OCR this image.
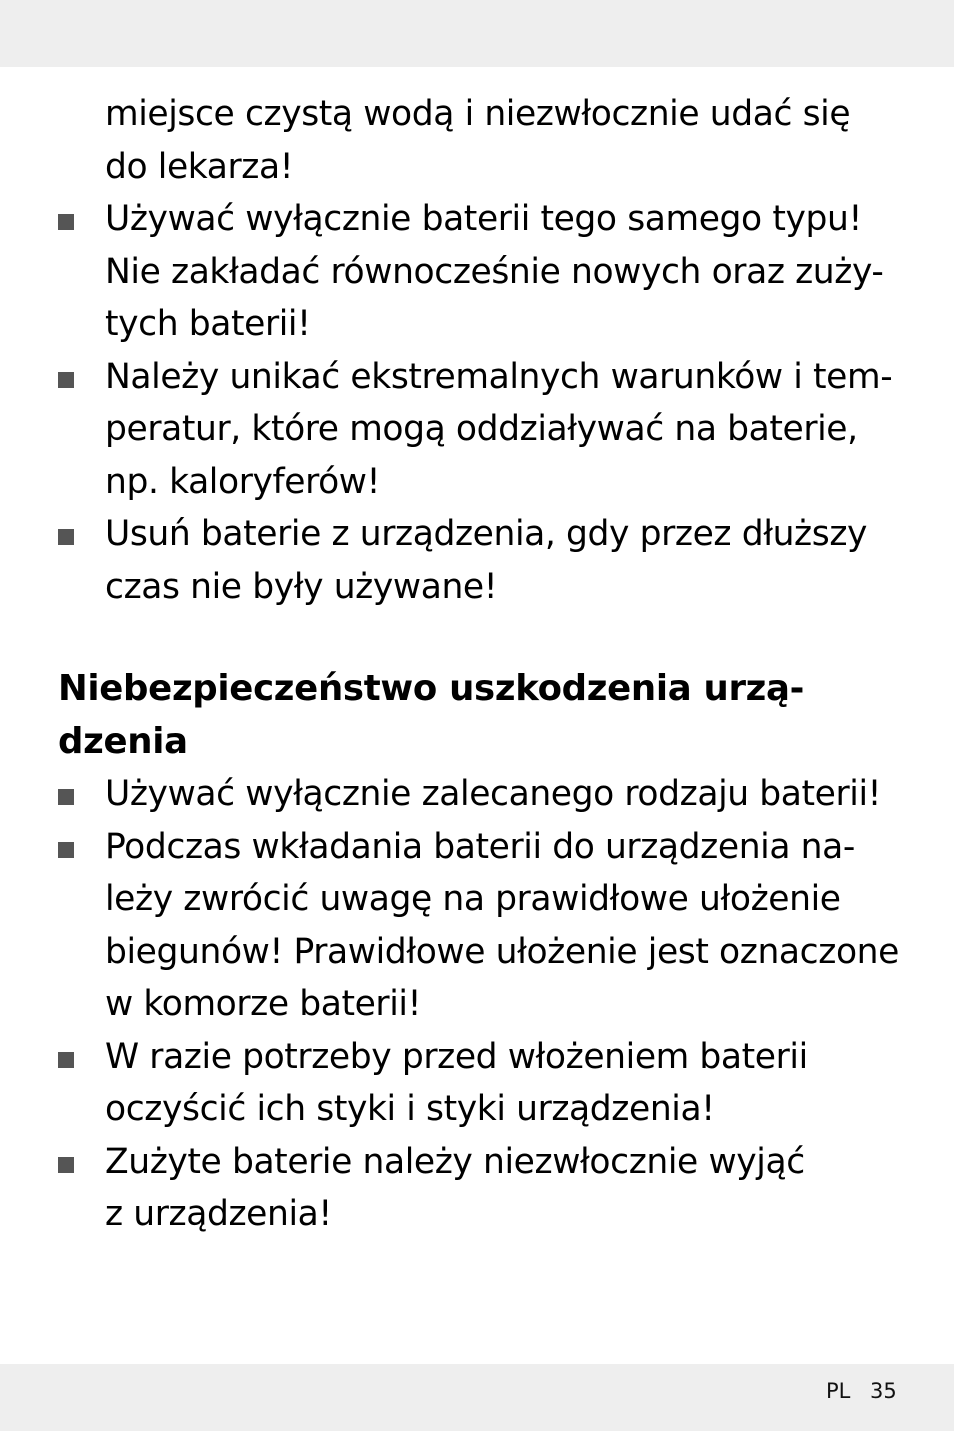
miejsce czystą wodą i niezwłocznie udać się
do lekarza!
Używać wyłącznie baterii tego samego typu!
Nie zakładać równocześnie nowych oraz zuży-
tych baterii!
Należy unikać ekstremalnych warunków i tem-
peratur, które mogą oddziaływać na baterie,
np. kaloryferów!
Usuń baterie z urządzenia, gdy przez dłuższy
czas nie były używane!
Niebezpieczeństwo uszkodzenia urzą-
dzenia
Używać wyłącznie zalecanego rodzaju baterii!
Podczas wkładania baterii do urządzenia na-
leży zwrócić uwagę na prawidłowe ułożenie
biegunów! Prawidłowe ułożenie jest oznaczone
w komorze baterii!
W razie potrzeby przed włożeniem baterii
oczyścić ich styki i styki urządzenia!
Zużyte baterie należy niezwłocznie wyjąć
z urządzenia!
PL 35
